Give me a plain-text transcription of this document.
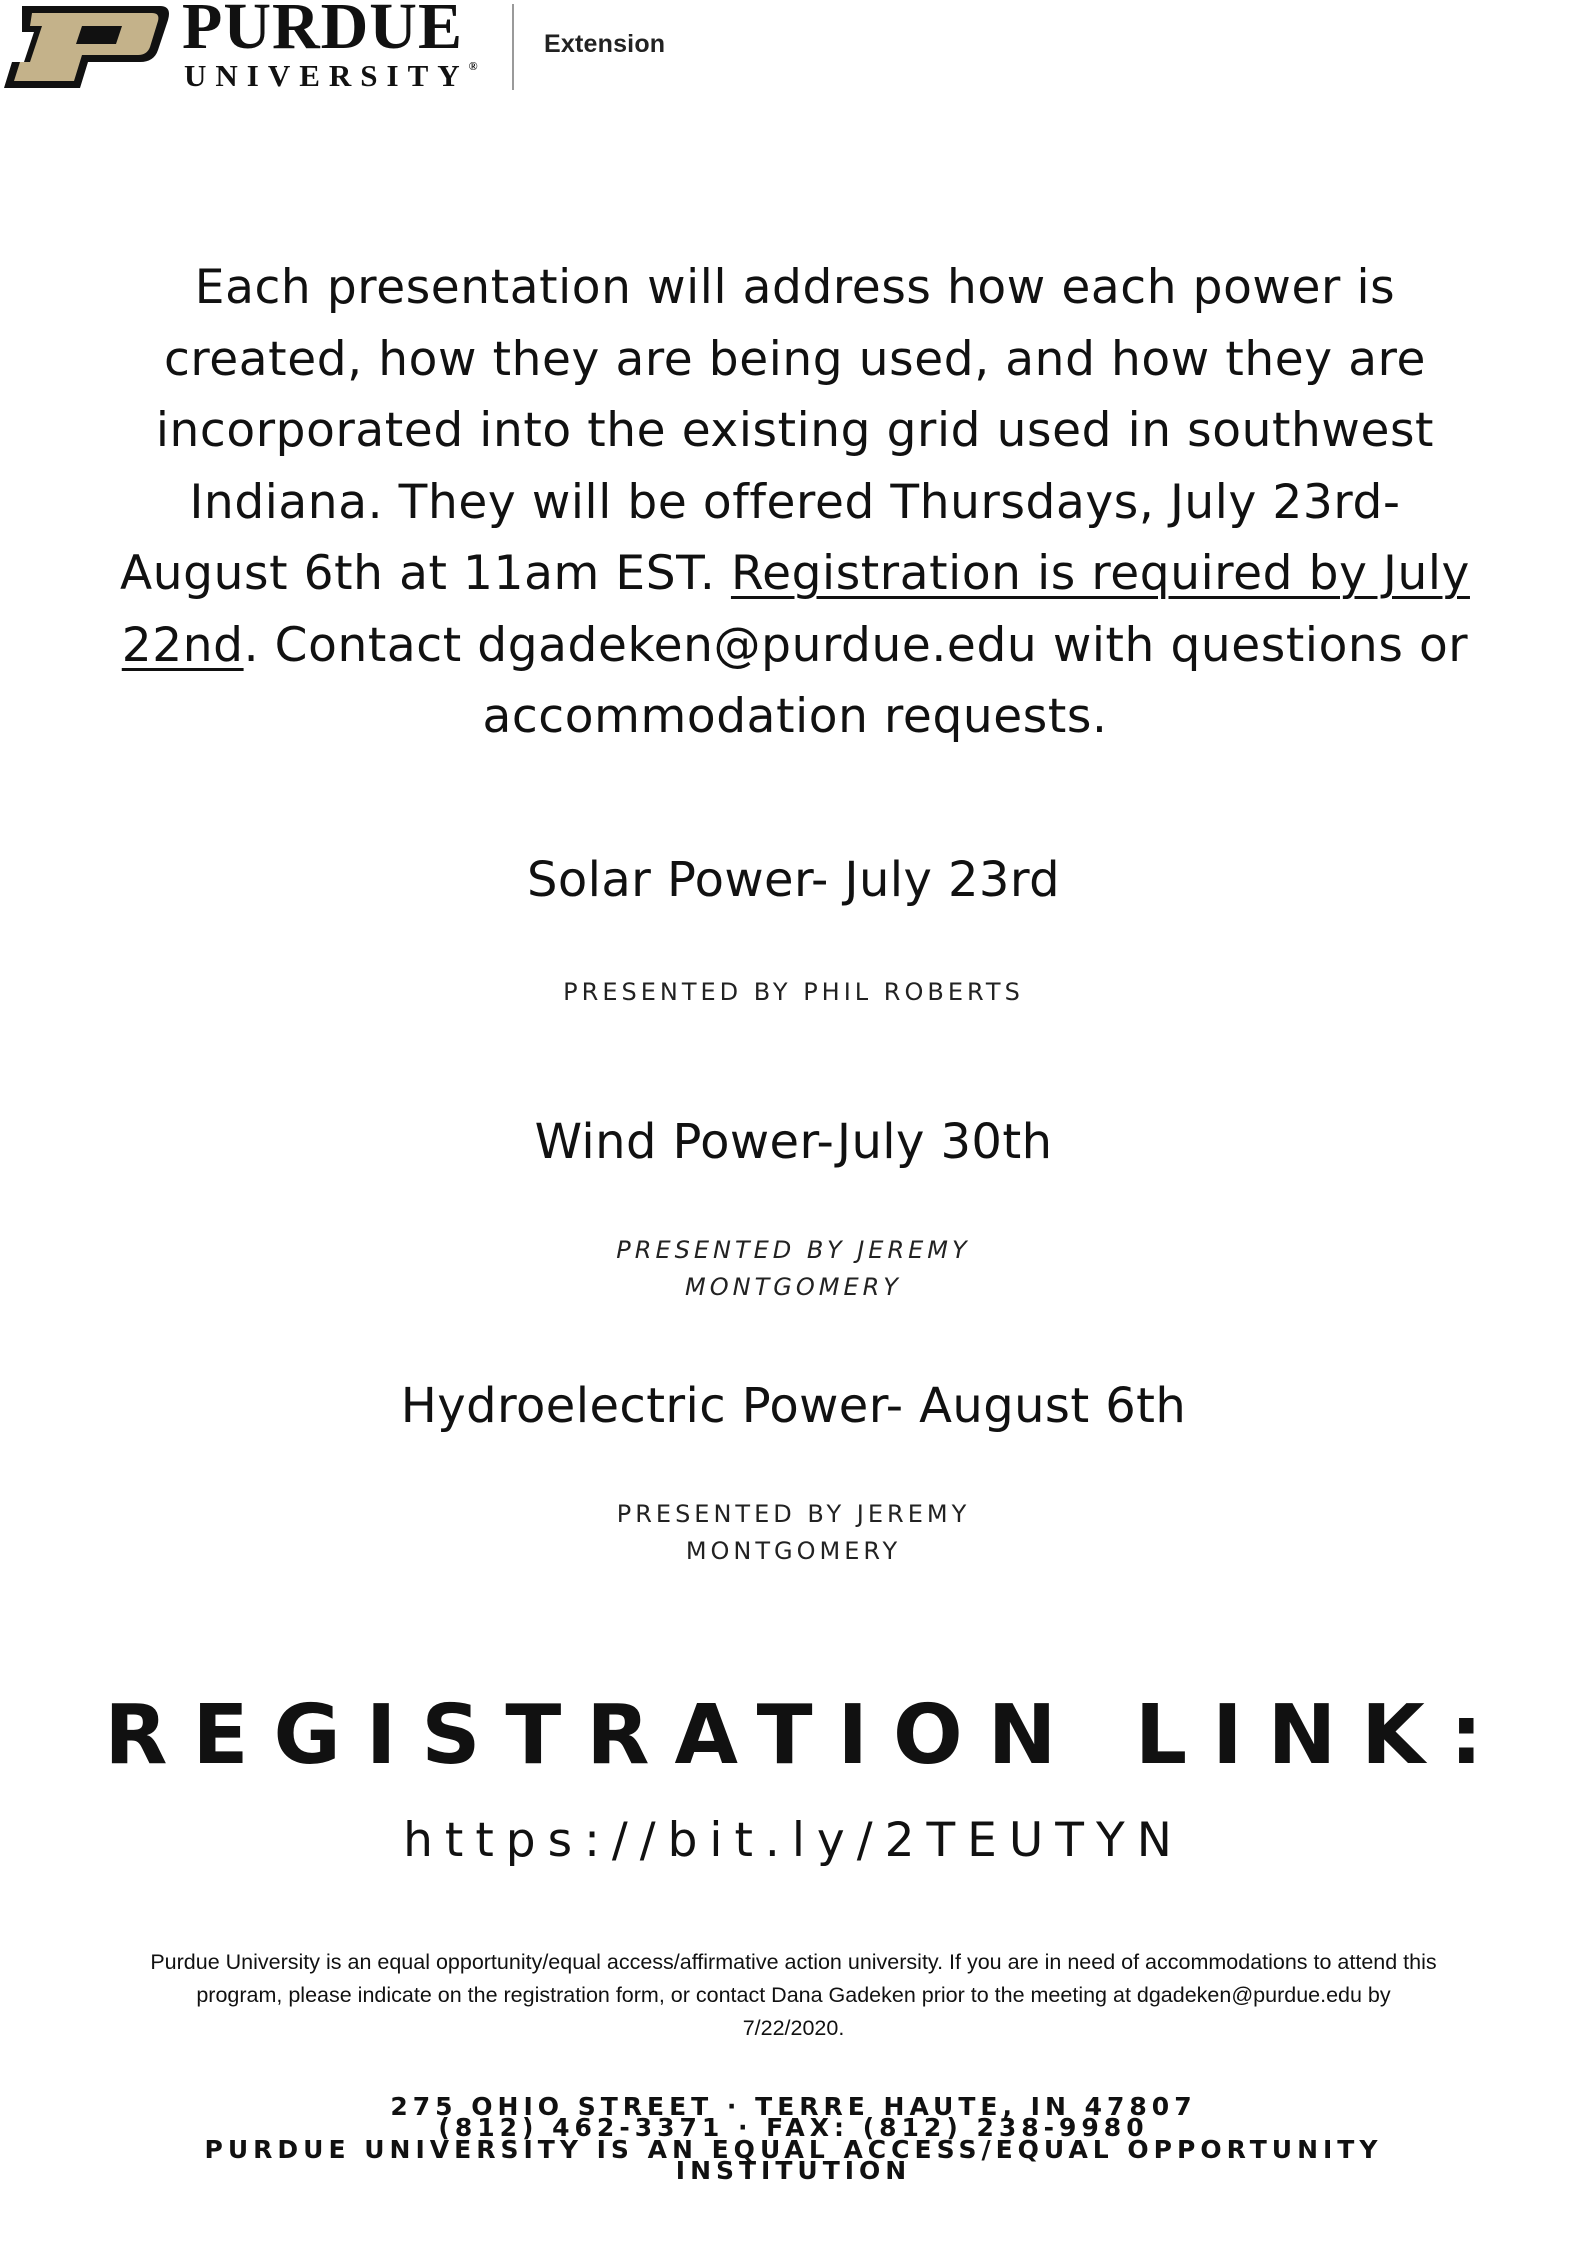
PURDUE
UNIVERSITY®
Extension
Each presentation will address how each power is created, how they are being used, and how they are incorporated into the existing grid used in southwest Indiana. They will be offered Thursdays, July 23rd-August 6th at 11am EST. Registration is required by July 22nd. Contact dgadeken@purdue.edu with questions or accommodation requests.
Solar Power- July 23rd
PRESENTED BY PHIL ROBERTS
Wind Power-July 30th
PRESENTED BY JEREMY
MONTGOMERY
Hydroelectric Power- August 6th
PRESENTED BY JEREMY
MONTGOMERY
REGISTRATION LINK:
https://bit.ly/2TEUTYN
Purdue University is an equal opportunity/equal access/affirmative action university. If you are in need of accommodations to attend this
program, please indicate on the registration form, or contact Dana Gadeken prior to the meeting at dgadeken@purdue.edu by
7/22/2020.
275 OHIO STREET · TERRE HAUTE, IN 47807
(812) 462-3371 · FAX: (812) 238-9980
PURDUE UNIVERSITY IS AN EQUAL ACCESS/EQUAL OPPORTUNITY
INSTITUTION
